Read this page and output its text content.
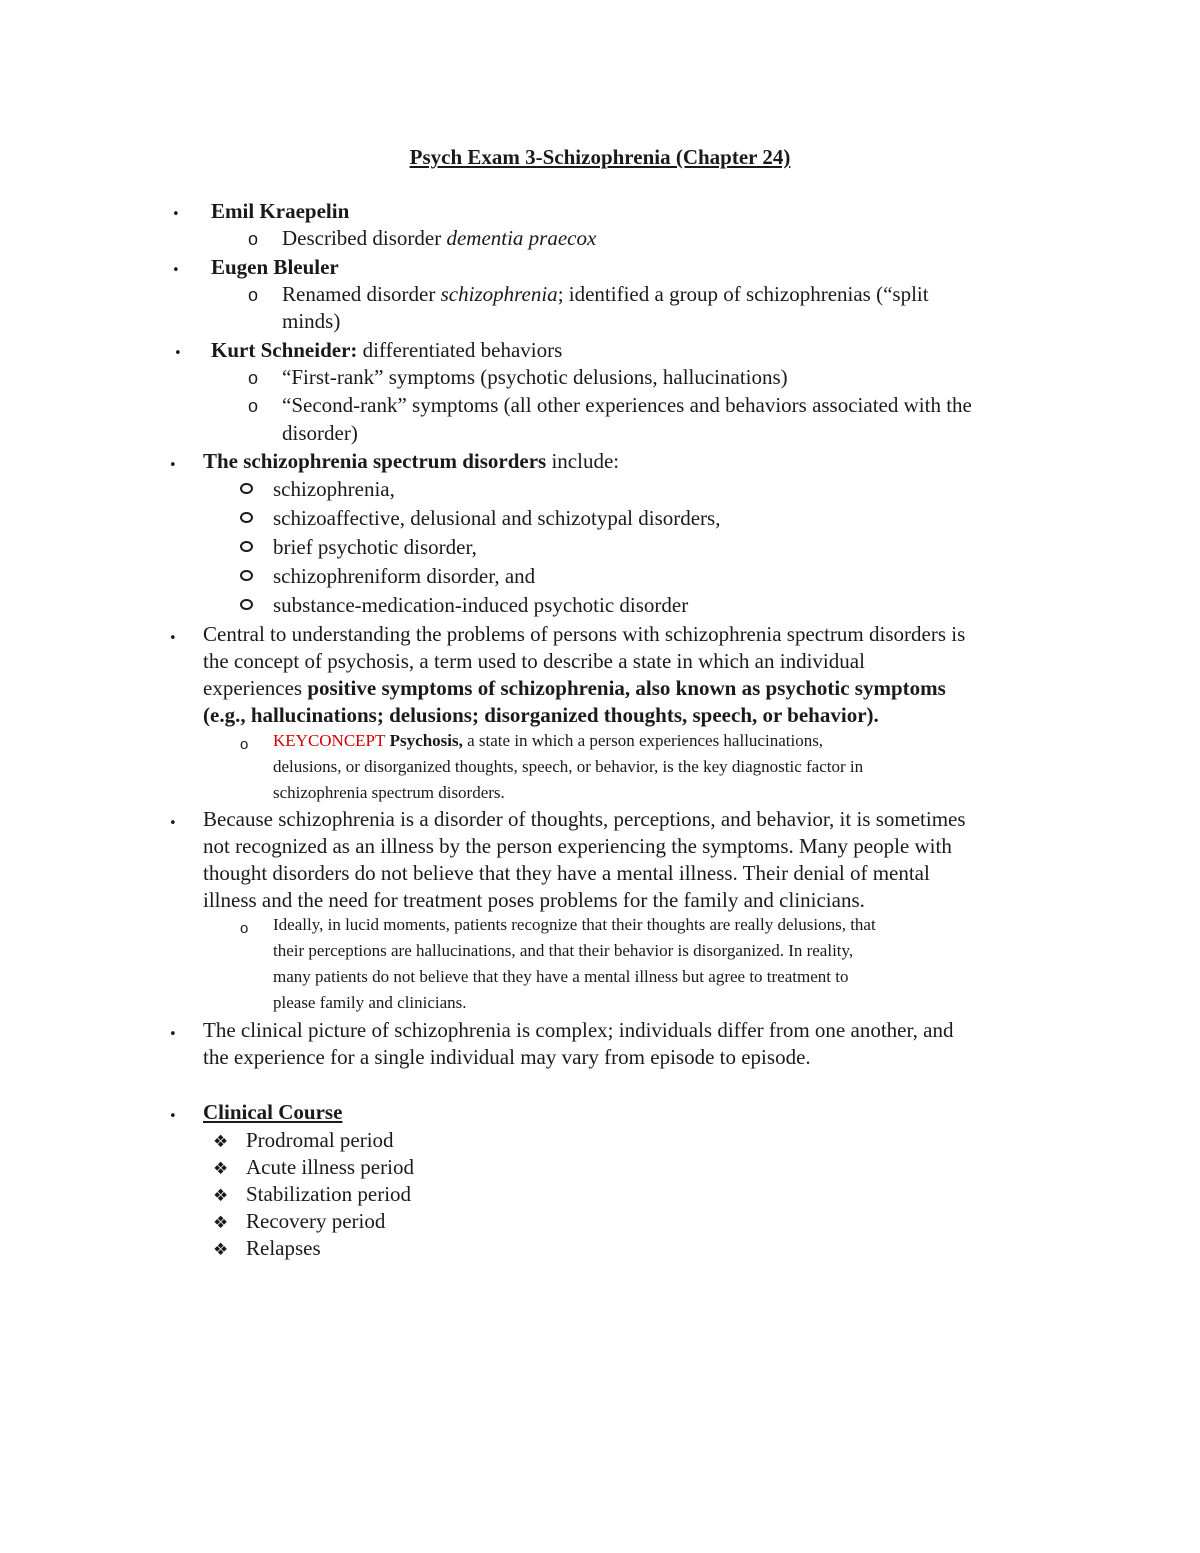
Psych Exam 3-Schizophrenia (Chapter 24)
• Emil Kraepelin
o Described disorder dementia praecox
• Eugen Bleuler
o Renamed disorder schizophrenia; identified a group of schizophrenias (“split
minds)
• Kurt Schneider: differentiated behaviors
o “First-rank” symptoms (psychotic delusions, hallucinations)
o “Second-rank” symptoms (all other experiences and behaviors associated with the
disorder)
• The schizophrenia spectrum disorders include:
schizophrenia,
schizoaffective, delusional and schizotypal disorders,
brief psychotic disorder,
schizophreniform disorder, and
substance-medication-induced psychotic disorder
• Central to understanding the problems of persons with schizophrenia spectrum disorders is
the concept of psychosis, a term used to describe a state in which an individual
experiences positive symptoms of schizophrenia, also known as psychotic symptoms
(e.g., hallucinations; delusions; disorganized thoughts, speech, or behavior).
o KEYCONCEPT Psychosis, a state in which a person experiences hallucinations,
delusions, or disorganized thoughts, speech, or behavior, is the key diagnostic factor in
schizophrenia spectrum disorders.
• Because schizophrenia is a disorder of thoughts, perceptions, and behavior, it is sometimes
not recognized as an illness by the person experiencing the symptoms. Many people with
thought disorders do not believe that they have a mental illness. Their denial of mental
illness and the need for treatment poses problems for the family and clinicians.
o Ideally, in lucid moments, patients recognize that their thoughts are really delusions, that
their perceptions are hallucinations, and that their behavior is disorganized. In reality,
many patients do not believe that they have a mental illness but agree to treatment to
please family and clinicians.
• The clinical picture of schizophrenia is complex; individuals differ from one another, and
the experience for a single individual may vary from episode to episode.
• Clinical Course
❖ Prodromal period
❖ Acute illness period
❖ Stabilization period
❖ Recovery period
❖ Relapses
